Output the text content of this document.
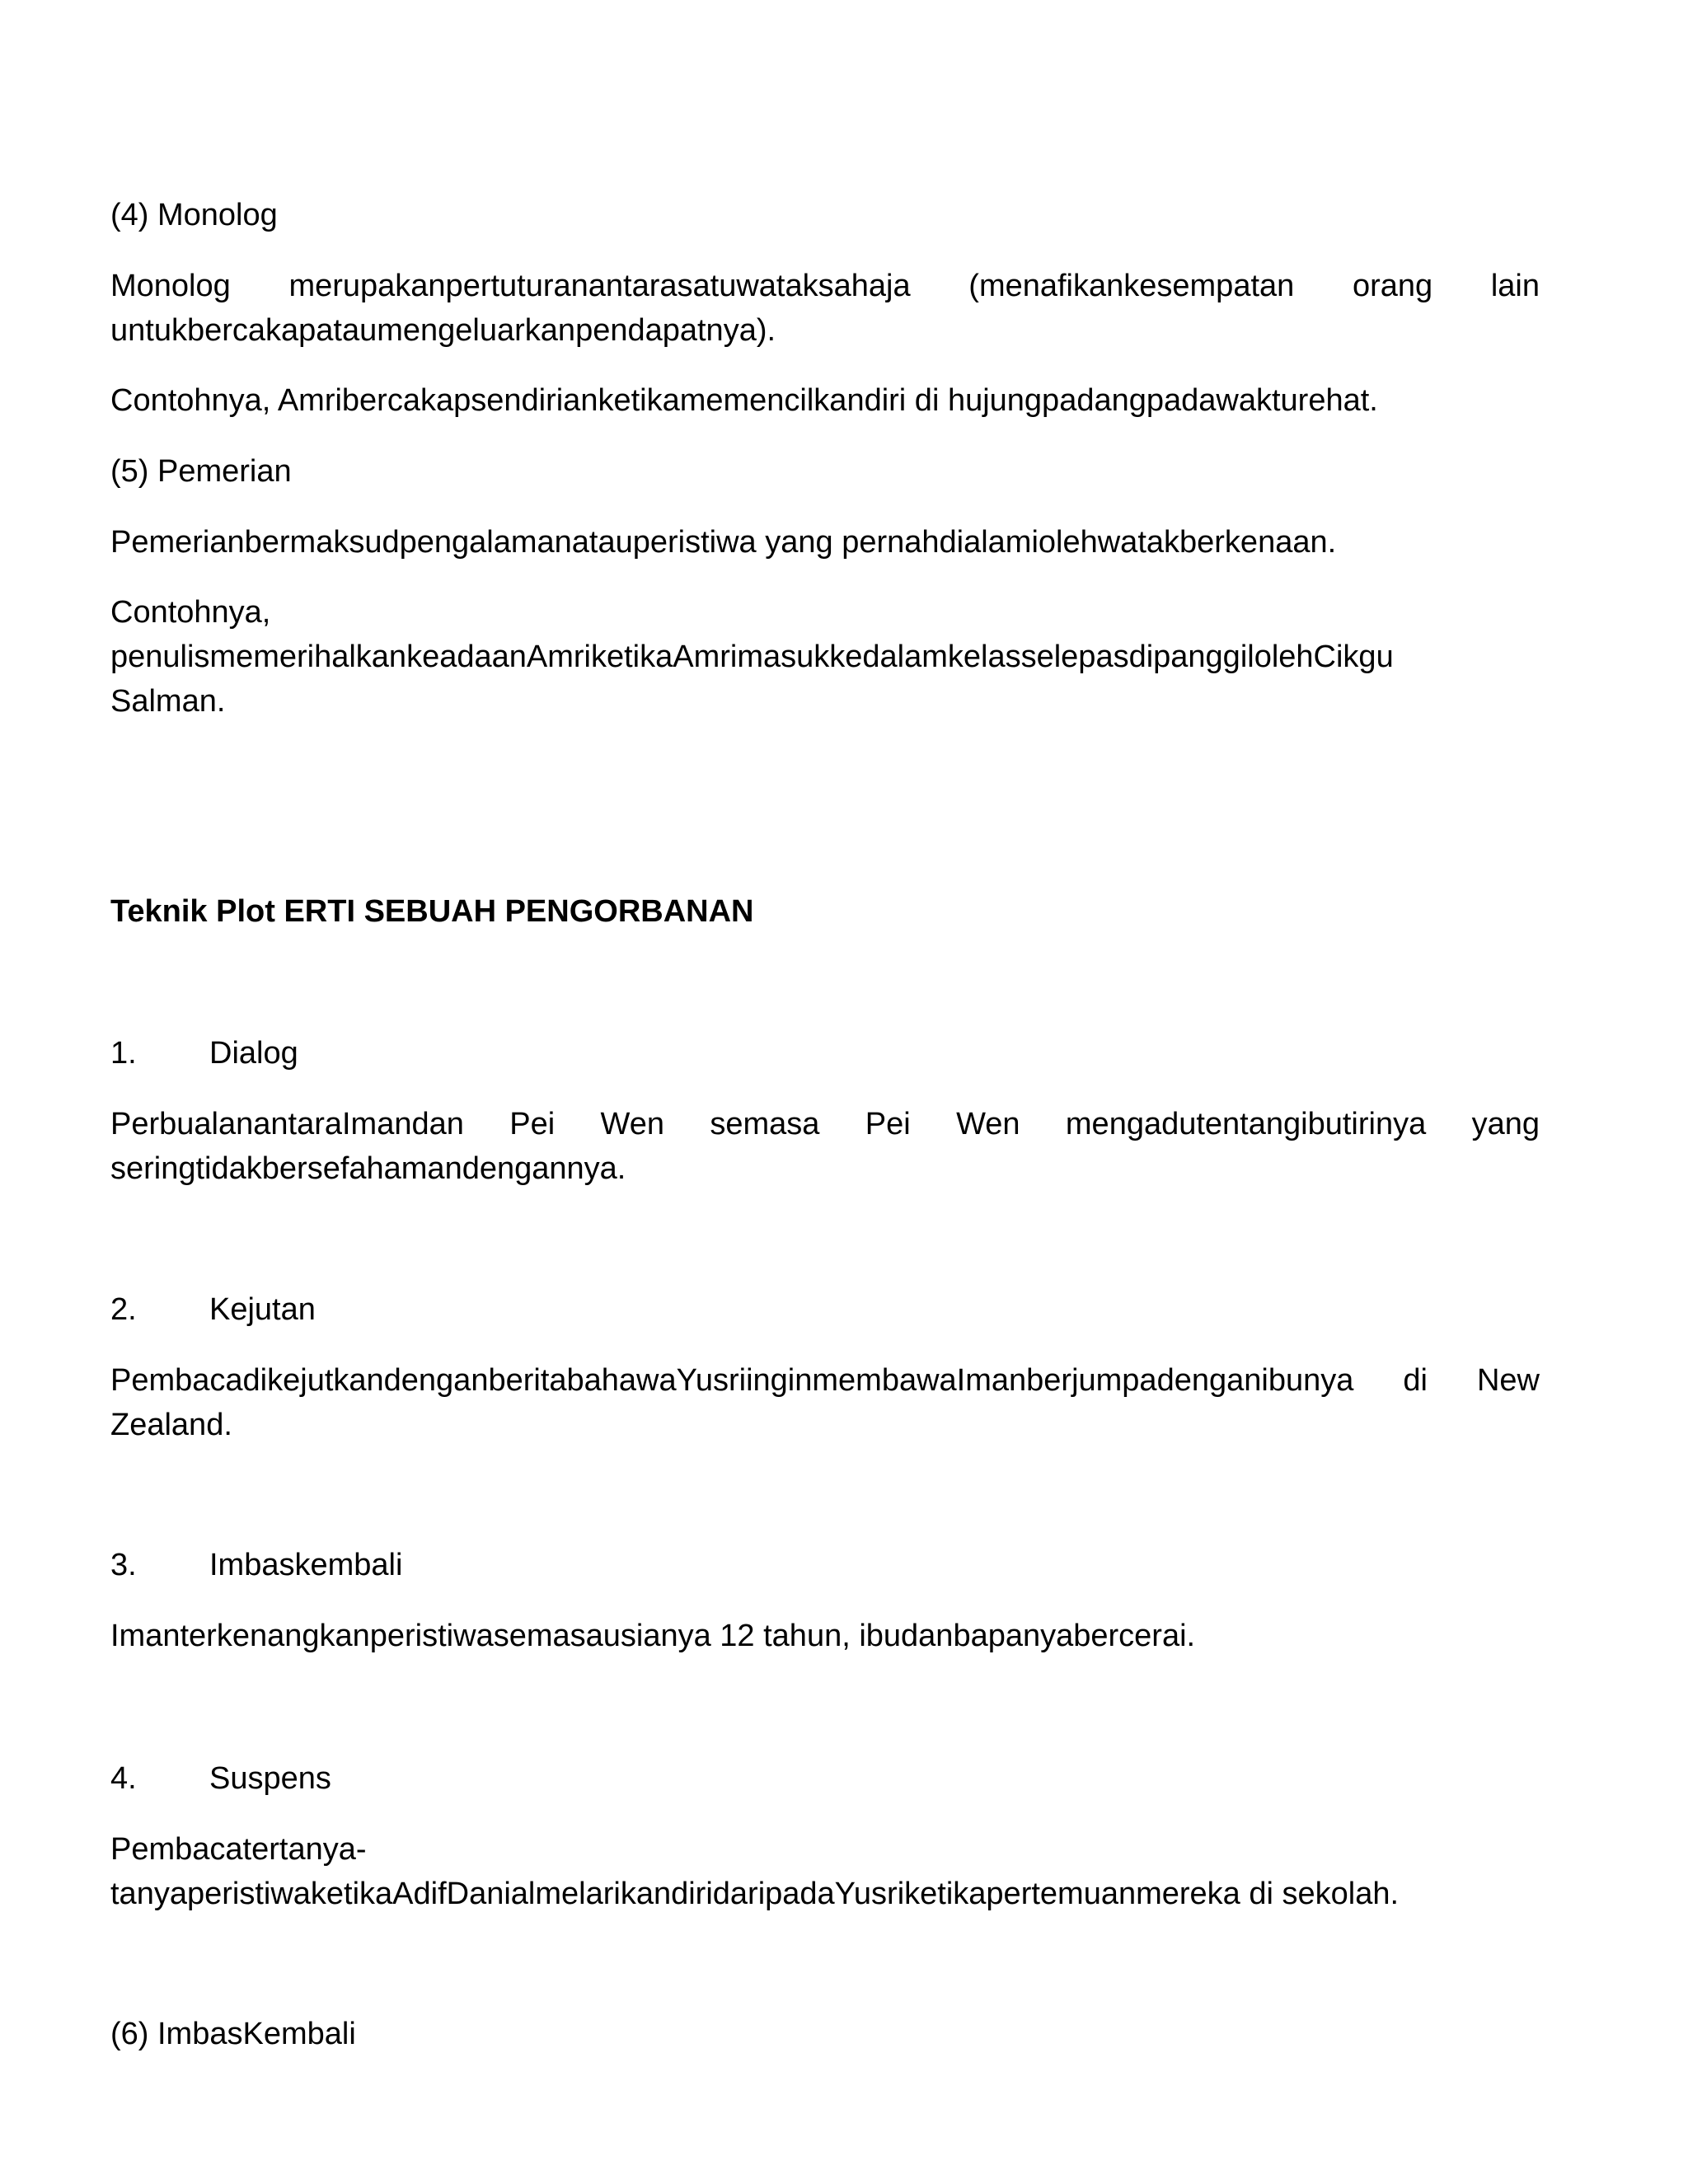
(4) Monolog

Monolog merupakanpertuturanantarasatuwataksahaja (menafikankesempatan orang lain untukbercakapataumengeluarkanpendapatnya).

Contohnya, Amribercakapsendirianketikamemencilkandiri di hujungpadangpadawakturehat.

(5) Pemerian

Pemerianbermaksudpengalamanatauperistiwa yang pernahdialamiolehwatakberkenaan.

Contohnya,
penulismemerihalkankeadaanAmriketikaAmrimasukkedalamkelasselepasdipanggilolehCikgu
Salman.

Teknik Plot ERTI SEBUAH PENGORBANAN

1.	Dialog

PerbualanantaraImandan Pei Wen semasa Pei Wen mengadutentangibutirinya yang seringtidakbersefahamandengannya.

2.	Kejutan

PembacadikejutkandenganberitabahawaYusriinginmembawaImanberjumpadenganibunya di New Zealand.

3.	Imbaskembali

Imanterkenangkanperistiwasemasausianya 12 tahun, ibudanbapanyabercerai.

4.	Suspens

Pembacatertanya-
tanyaperistiwaketikaAdifDanialmelarikandiridaripadaYusriketikapertemuanmereka di sekolah.

(6) ImbasKembali
